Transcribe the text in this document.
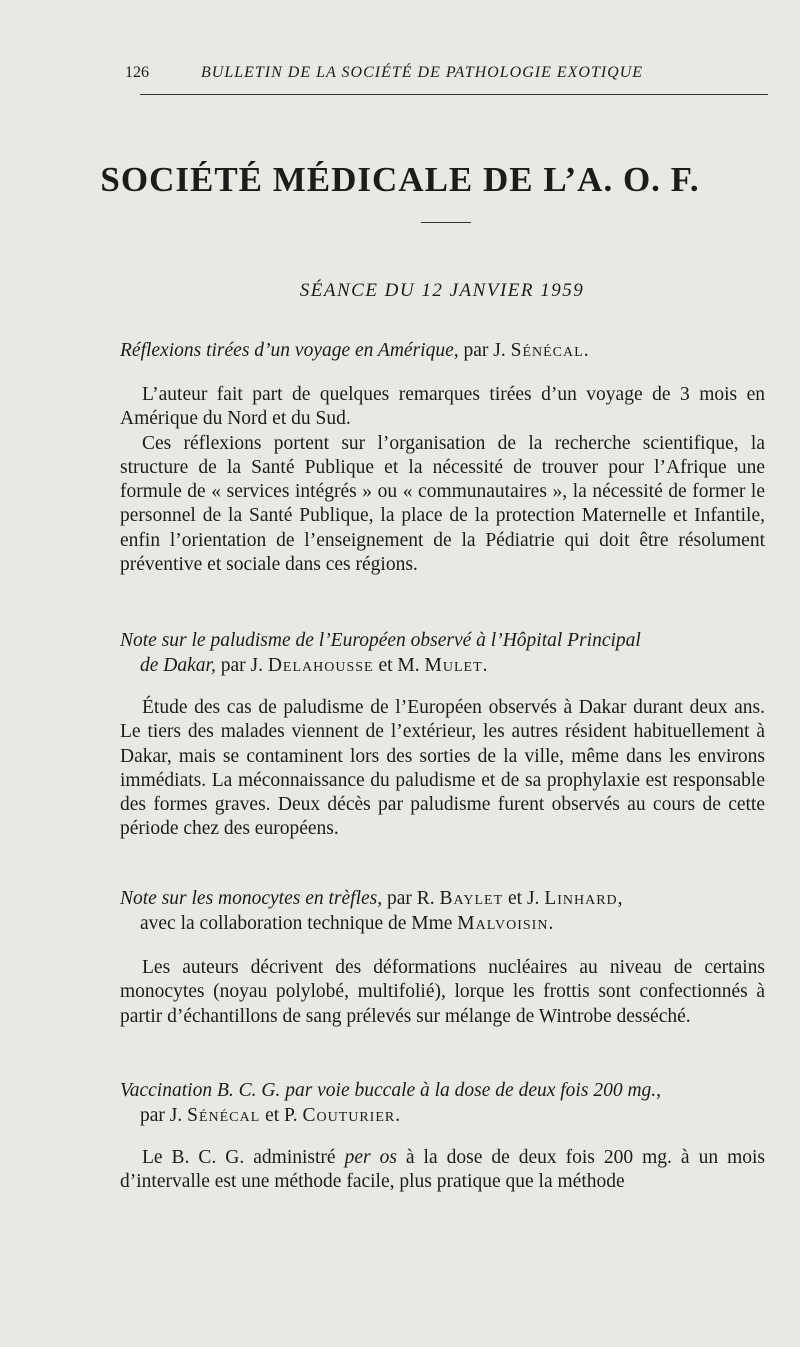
126	BULLETIN DE LA SOCIÉTÉ DE PATHOLOGIE EXOTIQUE
SOCIÉTÉ MÉDICALE DE L’A. O. F.
SÉANCE DU 12 JANVIER 1959
Réflexions tirées d’un voyage en Amérique, par J. Sénécal.

L’auteur fait part de quelques remarques tirées d’un voyage de 3 mois en Amérique du Nord et du Sud.

Ces réflexions portent sur l’organisation de la recherche scientifique, la structure de la Santé Publique et la nécessité de trouver pour l’Afrique une formule de « services intégrés » ou « communautaires », la nécessité de former le personnel de la Santé Publique, la place de la protection Maternelle et Infantile, enfin l’orientation de l’enseignement de la Pédiatrie qui doit être résolument préventive et sociale dans ces régions.

Note sur le paludisme de l’Européen observé à l’Hôpital Principal
de Dakar, par J. Delahousse et M. Mulet.

Étude des cas de paludisme de l’Européen observés à Dakar durant deux ans. Le tiers des malades viennent de l’extérieur, les autres résident habituellement à Dakar, mais se contaminent lors des sorties de la ville, même dans les environs immédiats. La méconnaissance du paludisme et de sa prophylaxie est responsable des formes graves. Deux décès par paludisme furent observés au cours de cette période chez des européens.

Note sur les monocytes en trèfles, par R. Baylet et J. Linhard,
avec la collaboration technique de Mme Malvoisin.

Les auteurs décrivent des déformations nucléaires au niveau de certains monocytes (noyau polylobé, multifolié), lorque les frottis sont confectionnés à partir d’échantillons de sang prélevés sur mélange de Wintrobe desséché.

Vaccination B. C. G. par voie buccale à la dose de deux fois 200 mg.,
par J. Sénécal et P. Couturier.

Le B. C. G. administré per os à la dose de deux fois 200 mg. à un mois d’intervalle est une méthode facile, plus pratique que la méthode
